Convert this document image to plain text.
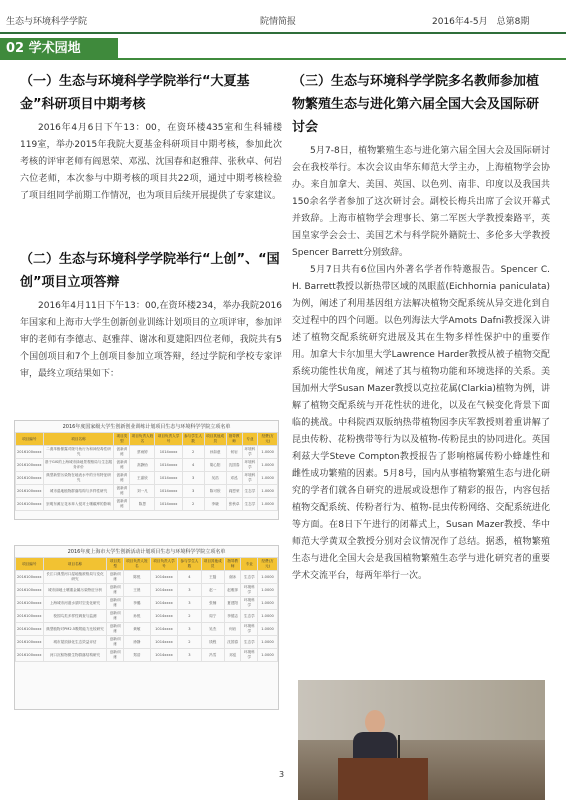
生态与环境科学学院	院情简报	2016年4-5月　总第8期
02 学术园地
（一）生态与环境科学学院举行“大夏基金”科研项目中期考核
2016年4月6日下午13：00，在资环楼435室和生科辅楼119室，举办2015年我院大夏基金科研项目中期考核，参加此次考核的评审老师有阎恩荣、邓泓、沈国春和赵雅萍、张秋卓、何岩六位老师，本次参与中期考核的项目共22项，通过中期考核检验了项目组同学前期工作情况，也为项目后续开展提供了专家建议。
（二）生态与环境科学学院举行“上创”、“国创”项目立项答辩
2016年4月11日下午13：00,在资环楼234，举办我院2016年国家和上海市大学生创新创业训练计划项目的立项评审，参加评审的老师有李德志、赵雅萍、谢冰和夏建阳四位老师，我院共有5个国创项目和7个上创项目参加立项答辩，经过学院和学校专家评审，最终立项结果如下：
2016年度国家级大学生创新创业训练计划项目生态与环境科学学院立项名单
项目编号	项目名称	项目类型	项目负责人姓名	项目负责人学号	参与学生人数	项目其他成员	指导教师	专业	经费(万元)
2016100xxxx	二溴苯酚暴露对斑马鱼行为和神经毒性研究	创新训练	蔡雨婷	1014xxxx	2	孙如意	何岩	环境科学	1.0000
2016100xxxx	基于GIS的上海城市绿地景观格局与生态服务评价	创新训练	高静怡	1014xxxx	4	胡心阳	沈国春	环境科学	1.0000
2016100xxxx	典型新型污染物在地表水中的分布特征研究	创新训练	王嘉欣	1014xxxx	3	吴浩	邓泓	环境科学	1.0000
2016100xxxx	城市湿地植物群落结构与多样性研究	创新训练	刘一凡	1014xxxx	3	陈可欣	阎恩荣	生态学	1.0000
2016100xxxx	崇明东滩互花米草入侵对土壤碳库的影响	创新训练	陈思	1014xxxx	2	李晓	张秋卓	生态学	1.0000
2016年度上海市大学生创新活动计划项目生态与环境科学学院立项名单
项目编号	项目名称	项目类型	项目负责人姓名	项目负责人学号	参与学生人数	项目其他成员	指导教师	专业	经费(万元)
2016100xxxx	长江口典型河口湿地植被格局与变化研究	创新训练	陈悦	1014xxxx	4	王磊	谢冰	生态学	1.0000
2016100xxxx	城市绿地土壤重金属污染特征分析	创新训练	王晨	1014xxxx	3	赵一	赵雅萍	环境科学	1.0000
2016100xxxx	上海城市河道水质时空变化研究	创新训练	李璐	1014xxxx	3	张楠	夏建阳	环境科学	1.0000
2016100xxxx	校园鸟类多样性调查与监测	创新训练	孙悦	1014xxxx	2	周宁	李德志	生态学	1.0000
2016100xxxx	典型植物对PM2.5吸附能力比较研究	创新训练	黄敏	1014xxxx	3	吴杰	何岩	环境科学	1.0000
2016100xxxx	城市屋顶绿化生态效益评估	创新训练	徐静	1014xxxx	2	钱程	沈国春	生态学	1.0000
2016100xxxx	河口沉积物微生物群落结构研究	创新训练	郑浩	1014xxxx	3	冯雪	邓泓	环境科学	1.0000
（三）生态与环境科学学院多名教师参加植物繁殖生态与进化第六届全国大会及国际研讨会
5月7-8日，植物繁殖生态与进化第六届全国大会及国际研讨会在我校举行。本次会议由华东师范大学主办，上海植物学会协办。来自加拿大、美国、英国、以色列、南非、印度以及我国共150余名学者参加了这次研讨会。副校长梅兵出席了会议开幕式并致辞。上海市植物学会理事长、第二军医大学教授秦路平，英国皇家学会会士、美国艺术与科学院外籍院士、多伦多大学教授Spencer Barrett分别致辞。
5月7日共有6位国内外著名学者作特邀报告。Spencer C. H. Barrett教授以新热带区域的凤眼蓝(Eichhornia paniculata)为例，阐述了利用基因组方法解决植物交配系统从异交进化到自交过程中的四个问题。以色列海法大学Amots Dafni教授深入讲述了植物交配系统研究进展及其在生物多样性保护中的重要作用。加拿大卡尔加里大学Lawrence Harder教授从被子植物交配系统功能性状角度，阐述了其与植物功能和环境选择的关系。美国加州大学Susan Mazer教授以克拉花属(Clarkia)植物为例，讲解了植物交配系统与开花性状的进化，以及在气候变化背景下面临的挑战。中科院西双版纳热带植物园李庆军教授则着重讲解了昆虫传粉、花粉携带等行为以及植物-传粉昆虫的协同进化。英国利兹大学Steve Compton教授报告了影响榕属传粉小蜂雄性和雌性成功繁殖的因素。5月8号，国内从事植物繁殖生态与进化研究的学者们就各自研究的进展或设想作了精彩的报告，内容包括植物交配系统、传粉者行为、植物-昆虫传粉网络、交配系统进化等方面。在8日下午进行的闭幕式上，Susan Mazer教授、华中师范大学黄双全教授分别对会议情况作了总结。据悉，植物繁殖生态与进化全国大会是我国植物繁殖生态学与进化研究者的重要学术交流平台，每两年举行一次。
3
